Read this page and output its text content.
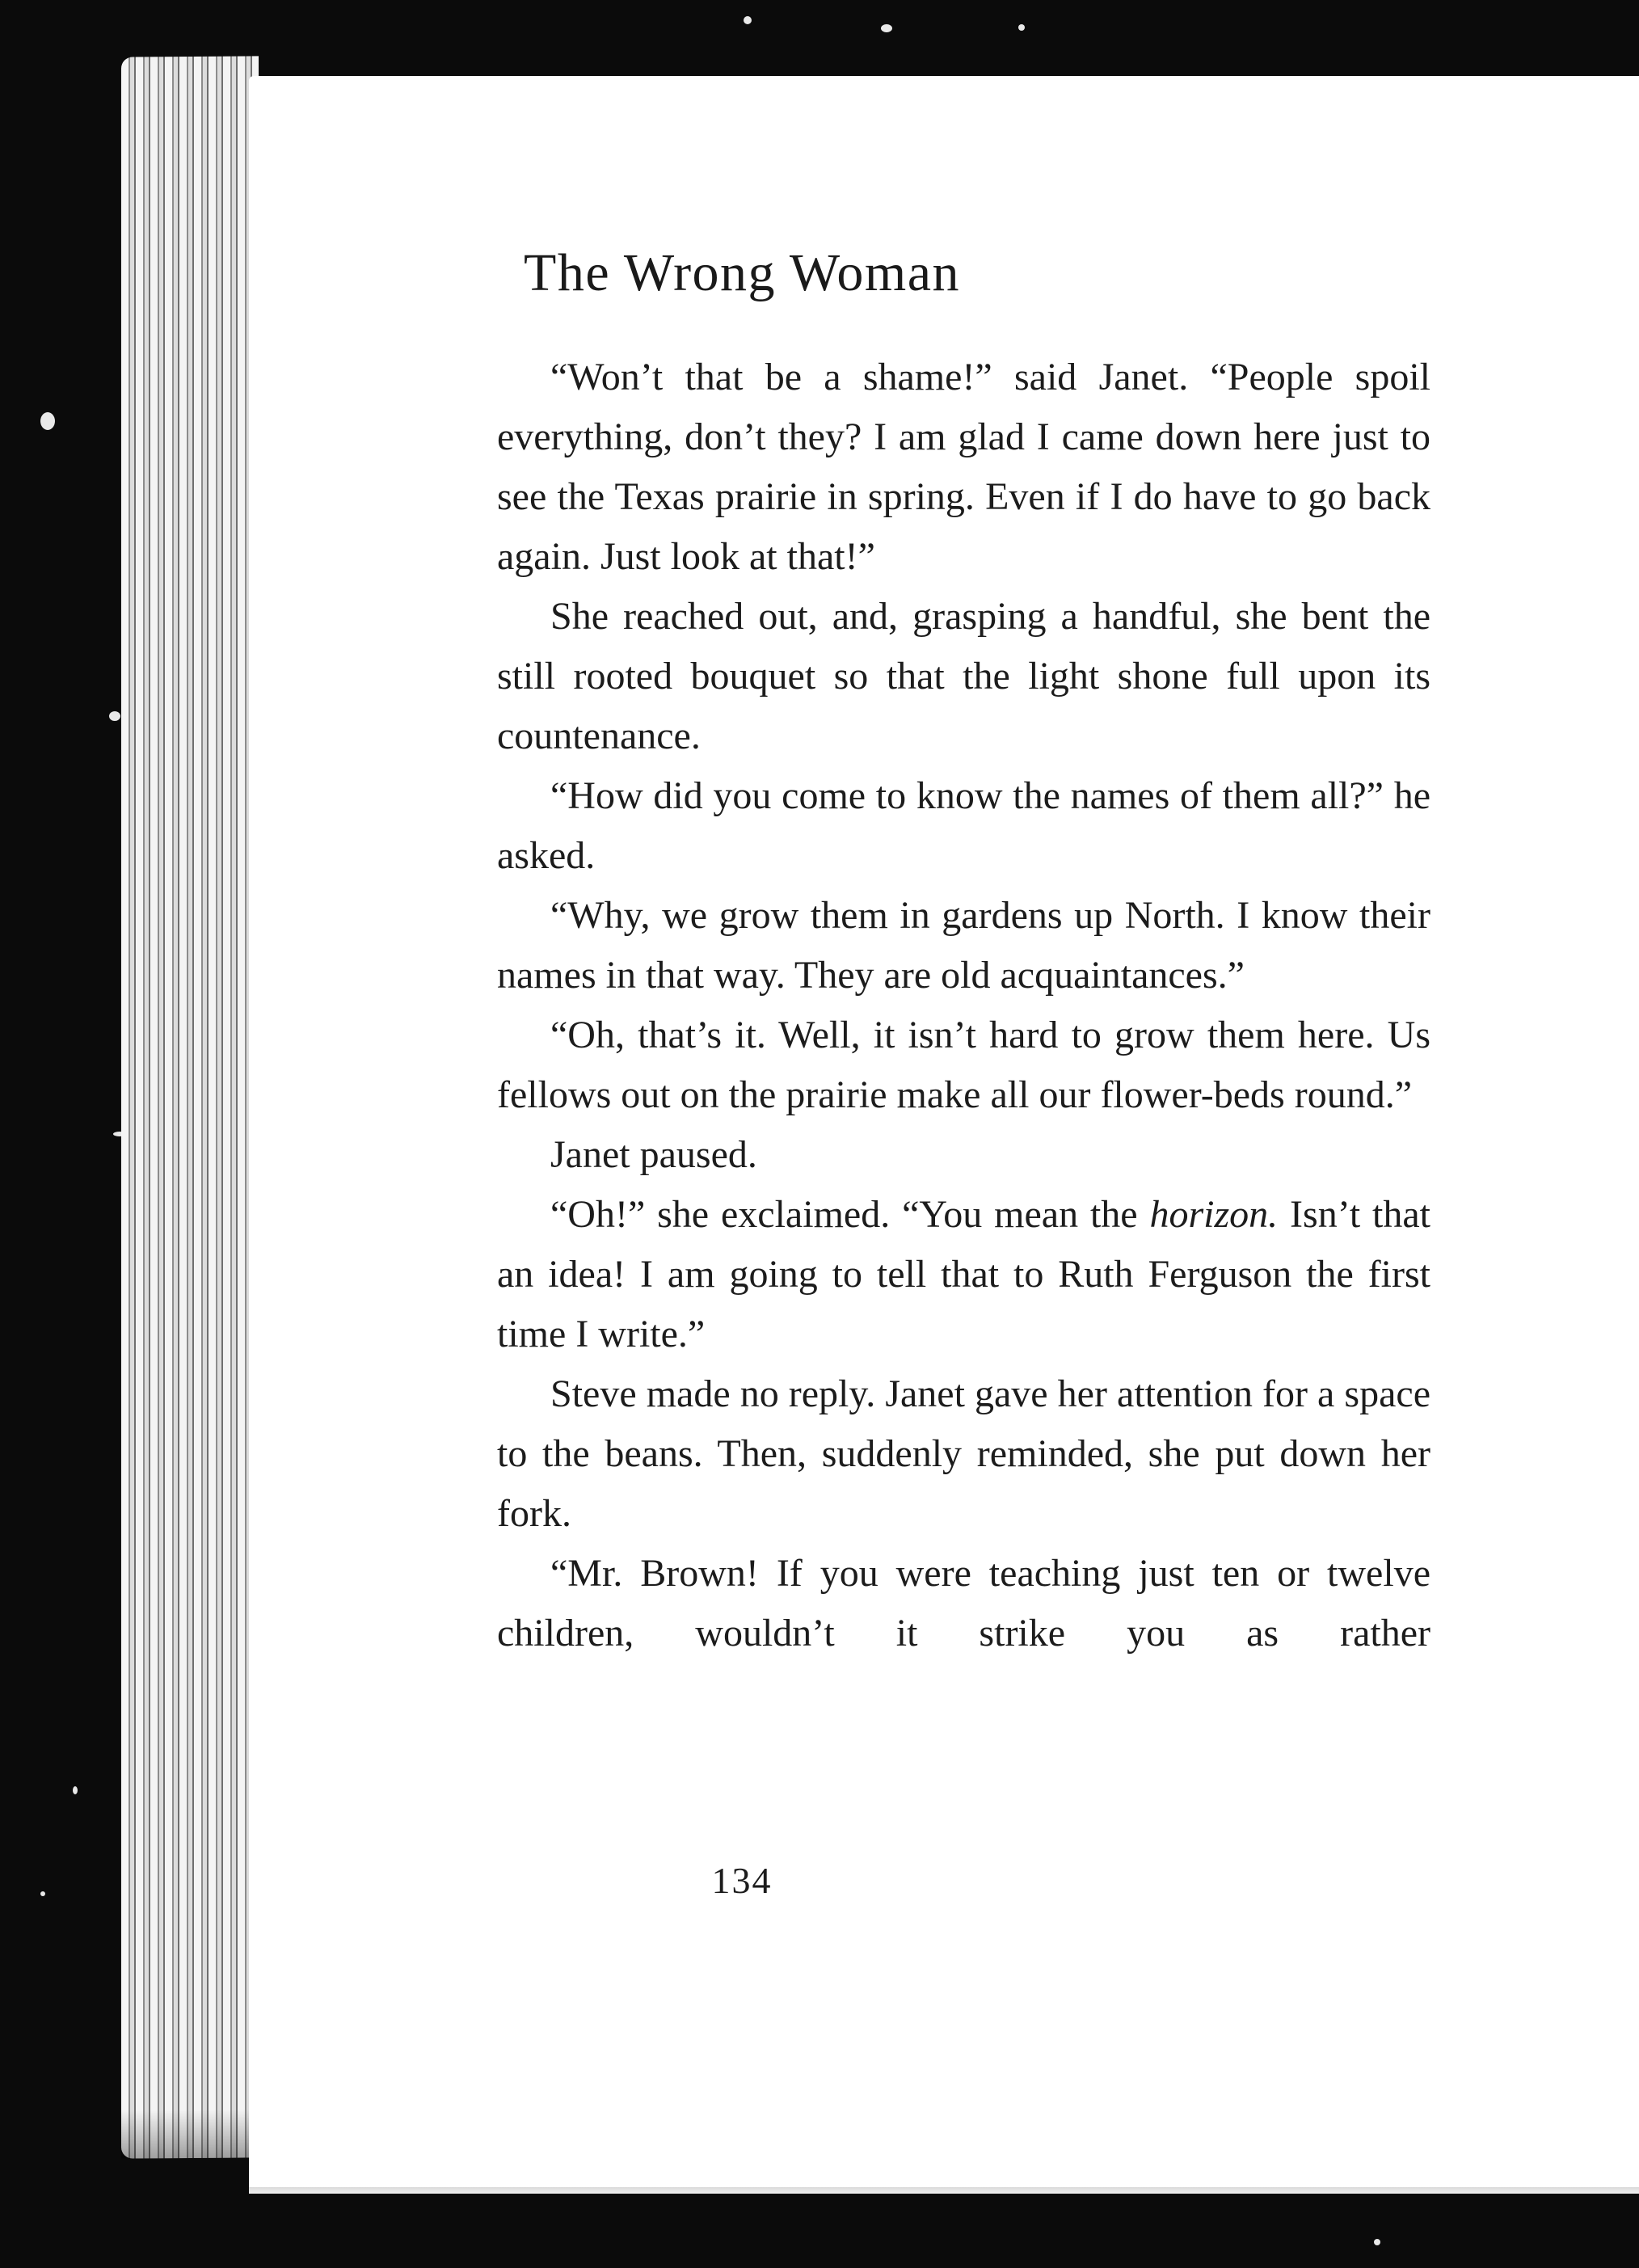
The Wrong Woman

“Won’t that be a shame!” said Janet. “People spoil everything, don’t they? I am glad I came down here just to see the Texas prairie in spring. Even if I do have to go back again. Just look at that!”

She reached out, and, grasping a handful, she bent the still rooted bouquet so that the light shone full upon its countenance.

“How did you come to know the names of them all?” he asked.

“Why, we grow them in gardens up North. I know their names in that way. They are old acquaintances.”

“Oh, that’s it. Well, it isn’t hard to grow them here. Us fellows out on the prairie make all our flower-beds round.”

Janet paused.

“Oh!” she exclaimed. “You mean the horizon. Isn’t that an idea! I am going to tell that to Ruth Ferguson the first time I write.”

Steve made no reply. Janet gave her attention for a space to the beans. Then, suddenly reminded, she put down her fork.

“Mr. Brown! If you were teaching just ten or twelve children, wouldn’t it strike you as rather

134
